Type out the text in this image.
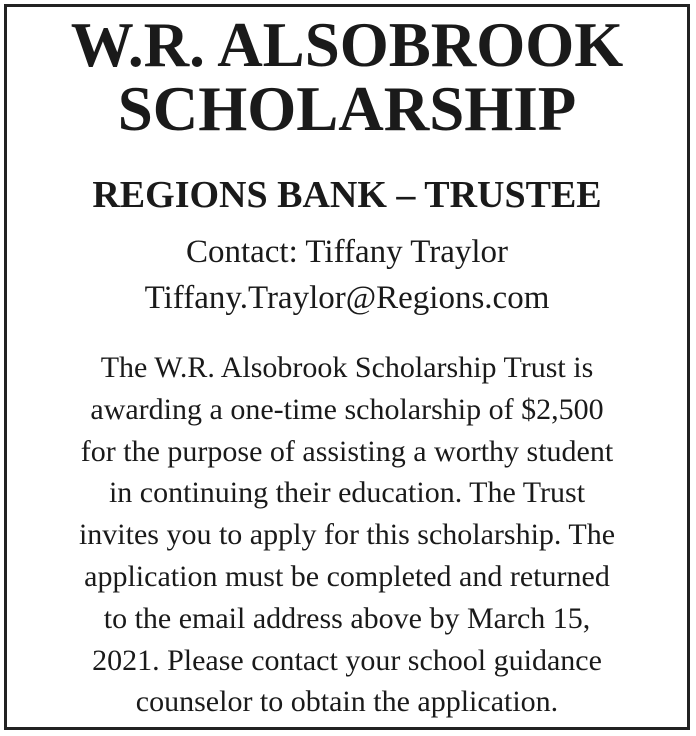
W.R. ALSOBROOK
SCHOLARSHIP
REGIONS BANK – TRUSTEE
Contact: Tiffany Traylor
Tiffany.Traylor@Regions.com
The W.R. Alsobrook Scholarship Trust is
awarding a one-time scholarship of $2,500
for the purpose of assisting a worthy student
in continuing their education. The Trust
invites you to apply for this scholarship. The
application must be completed and returned
to the email address above by March 15,
2021. Please contact your school guidance
counselor to obtain the application.
